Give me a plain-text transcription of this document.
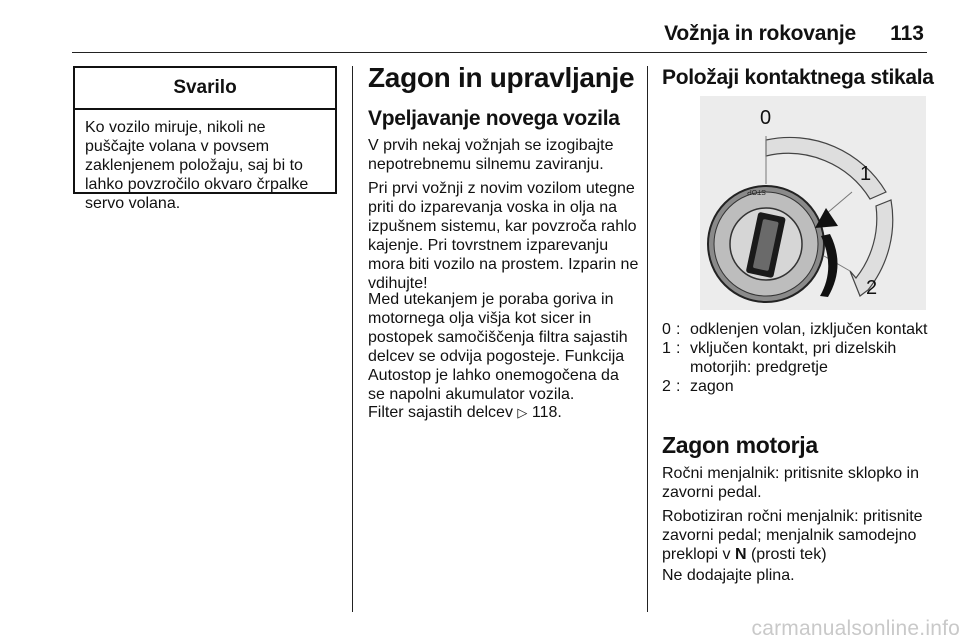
Vožnja in rokovanje	113
Svarilo
Ko vozilo miruje, nikoli ne puščajte volana v povsem zaklenjenem položaju, saj bi to lahko povzročilo okvaro črpalke servo volana.
Zagon in upravljanje
Vpeljavanje novega vozila

V prvih nekaj vožnjah se izogibajte nepotrebnemu silnemu zaviranju.

Pri prvi vožnji z novim vozilom utegne priti do izparevanja voska in olja na izpušnem sistemu, kar povzroča rahlo kajenje. Pri tovrstnem izparevanju mora biti vozilo na prostem. Izparin ne vdihujte!

Med utekanjem je poraba goriva in motornega olja višja kot sicer in postopek samočiščenja filtra sajastih delcev se odvija pogosteje. Funkcija Autostop je lahko onemogočena da se napolni akumulator vozila.

Filter sajastih delcev ▷ 118.

Položaji kontaktnega stikala
STOP
0
1
2
0 : odklenjen volan, izključen kontakt
1 : vključen kontakt, pri dizelskih motorjih: predgretje
2 : zagon
Zagon motorja

Ročni menjalnik: pritisnite sklopko in zavorni pedal.

Robotiziran ročni menjalnik: pritisnite zavorni pedal; menjalnik samodejno preklopi v N (prosti tek)

Ne dodajajte plina.

carmanualsonline.info
